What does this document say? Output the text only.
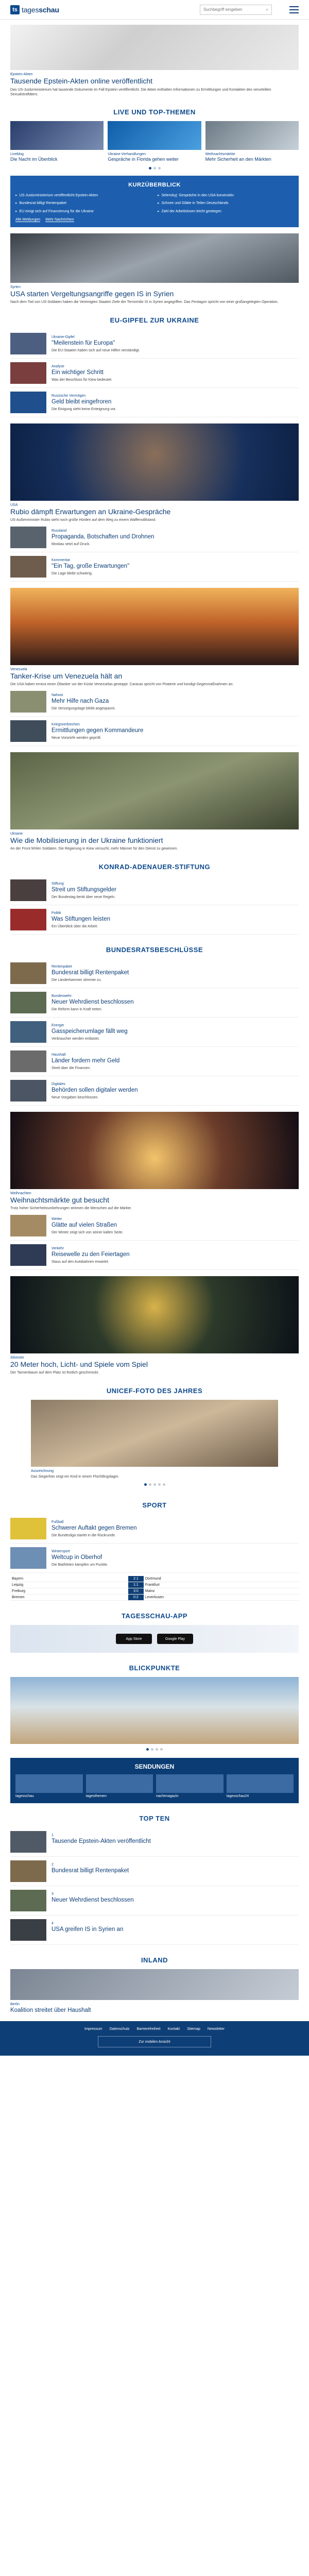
ts tagesschau	Suchbegriff eingeben	⌕
Epstein-Akten
Tausende Epstein-Akten online veröffentlicht
Das US-Justizministerium hat tausende Dokumente im Fall Epstein veröffentlicht. Die Akten enthalten Informationen zu Ermittlungen und Kontakten des verurteilten Sexualstraftäters.
LIVE UND TOP-THEMEN
Liveblog
Die Nacht im Überblick
Ukraine-Verhandlungen
Gespräche in Florida gehen weiter
Weihnachtsmärkte
Mehr Sicherheit an den Märkten
KURZÜBERBLICK
▸ US-Justizministerium veröffentlicht Epstein-Akten	▸ Selenskyj: Gespräche in den USA konstruktiv
▸ Bundesrat billigt Rentenpaket	▸ Schnee und Glätte in Teilen Deutschlands
▸ EU einigt sich auf Finanzierung für die Ukraine	▸ Zahl der Arbeitslosen leicht gestiegen
Alle Meldungen Mehr Nachrichten
Syrien
USA starten Vergeltungsangriffe gegen IS in Syrien
Nach dem Tod von US-Soldaten haben die Vereinigten Staaten Ziele der Terrormiliz IS in Syrien angegriffen. Das Pentagon spricht von einer großangelegten Operation.
EU-GIPFEL ZUR UKRAINE
Ukraine-Gipfel
"Meilenstein für Europa"
Die EU-Staaten haben sich auf neue Hilfen verständigt.
Analyse
Ein wichtiger Schritt
Was der Beschluss für Kiew bedeutet.
Russische Vermögen
Geld bleibt eingefroren
Die Einigung sieht keine Enteignung vor.
USA
Rubio dämpft Erwartungen an Ukraine-Gespräche
US-Außenminister Rubio sieht noch große Hürden auf dem Weg zu einem Waffenstillstand.
Russland
Propaganda, Botschaften und Drohnen
Moskau setzt auf Druck.
Kommentar
"Ein Tag, große Erwartungen"
Die Lage bleibt schwierig.
Venezuela
Tanker-Krise um Venezuela hält an
Die USA haben erneut einen Öltanker vor der Küste Venezuelas gestoppt. Caracas spricht von Piraterie und kündigt Gegenmaßnahmen an.
Nahost
Mehr Hilfe nach Gaza
Die Versorgungslage bleibt angespannt.
Kriegsverbrechen
Ermittlungen gegen Kommandeure
Neue Vorwürfe werden geprüft.
Ukraine
Wie die Mobilisierung in der Ukraine funktioniert
An der Front fehlen Soldaten. Die Regierung in Kiew versucht, mehr Männer für den Dienst zu gewinnen.
KONRAD-ADENAUER-STIFTUNG
Stiftung
Streit um Stiftungsgelder
Der Bundestag berät über neue Regeln.
Politik
Was Stiftungen leisten
Ein Überblick über die Arbeit.
BUNDESRATSBESCHLÜSSE
Rentenpaket
Bundesrat billigt Rentenpaket
Die Länderkammer stimmte zu.
Bundeswehr
Neuer Wehrdienst beschlossen
Die Reform kann in Kraft treten.
Energie
Gasspeicherumlage fällt weg
Verbraucher werden entlastet.
Haushalt
Länder fordern mehr Geld
Streit über die Finanzen.
Digitales
Behörden sollen digitaler werden
Neue Vorgaben beschlossen.
Weihnachten
Weihnachtsmärkte gut besucht
Trotz hoher Sicherheitsvorkehrungen strömen die Menschen auf die Märkte.
Wetter
Glätte auf vielen Straßen
Der Winter zeigt sich von seiner kalten Seite.
Verkehr
Reisewelle zu den Feiertagen
Staus auf den Autobahnen erwartet.
Silvester
20 Meter hoch, Licht- und Spiele vom Spiel
Der Tannenbaum auf dem Platz ist festlich geschmückt.
UNICEF-FOTO DES JAHRES
Auszeichnung
Das Siegerfoto zeigt ein Kind in einem Flüchtlingslager.
SPORT
Fußball
Schwerer Auftakt gegen Bremen
Die Bundesliga startet in die Rückrunde.
Wintersport
Weltcup in Oberhof
Die Biathleten kämpfen um Punkte.
Bayern	2:1	Dortmund
Leipzig	1:1	Frankfurt
Freiburg	3:0	Mainz
Bremen	0:2	Leverkusen
TAGESSCHAU-APP
App Store	Google Play
BLICKPUNKTE
SENDUNGEN
tagesschau	tagesthemen	nachtmagazin	tagesschau24
TOP TEN
1
Tausende Epstein-Akten veröffentlicht
2
Bundesrat billigt Rentenpaket
3
Neuer Wehrdienst beschlossen
4
USA greifen IS in Syrien an
INLAND
Berlin
Koalition streitet über Haushalt
Impressum Datenschutz Barrierefreiheit Kontakt Sitemap Newsletter
Zur mobilen Ansicht
